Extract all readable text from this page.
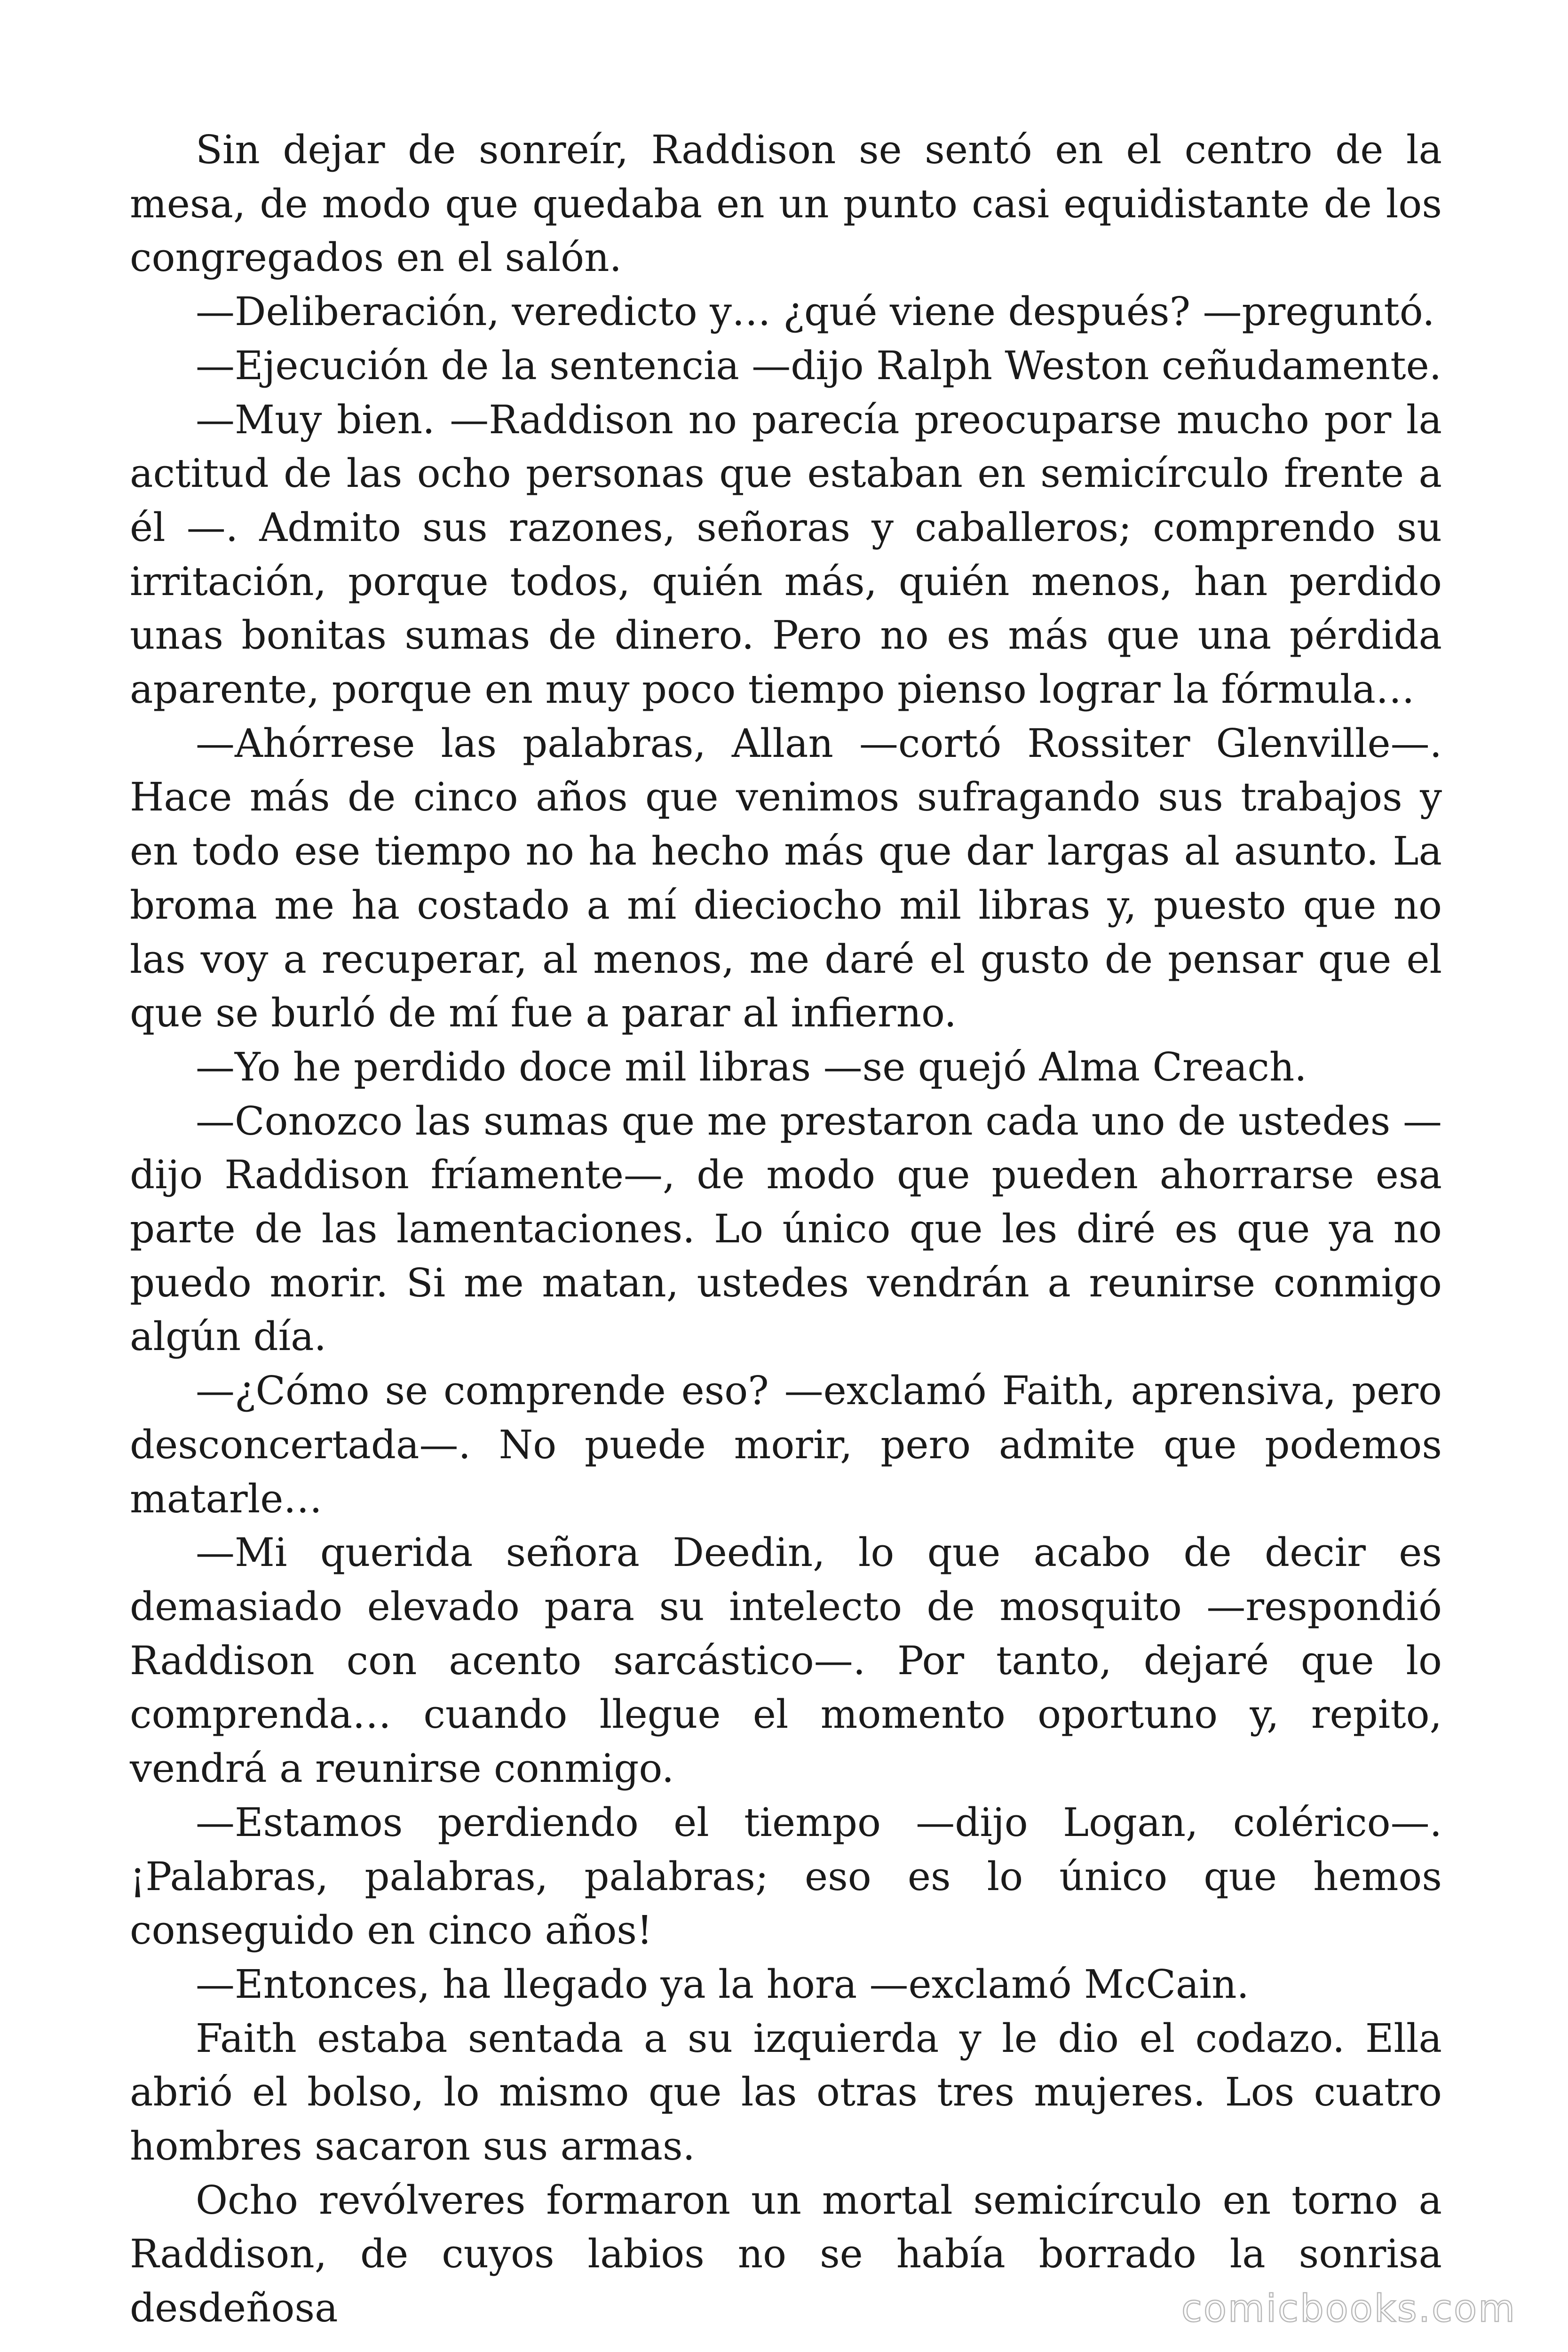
Sin dejar de sonreír, Raddison se sentó en el centro de la mesa, de modo que quedaba en un punto casi equidistante de los congregados en el salón.

—Deliberación, veredicto y… ¿qué viene después? —preguntó.

—Ejecución de la sentencia —dijo Ralph Weston ceñudamente.

—Muy bien. —Raddison no parecía preocuparse mucho por la actitud de las ocho personas que estaban en semicírculo frente a él —. Admito sus razones, señoras y caballeros; comprendo su irritación, porque todos, quién más, quién menos, han perdido unas bonitas sumas de dinero. Pero no es más que una pérdida aparente, porque en muy poco tiempo pienso lograr la fórmula…

—Ahórrese las palabras, Allan —cortó Rossiter Glenville—. Hace más de cinco años que venimos sufragando sus trabajos y en todo ese tiempo no ha hecho más que dar largas al asunto. La broma me ha costado a mí dieciocho mil libras y, puesto que no las voy a recuperar, al menos, me daré el gusto de pensar que el que se burló de mí fue a parar al infierno.

—Yo he perdido doce mil libras —se quejó Alma Creach.

—Conozco las sumas que me prestaron cada uno de ustedes — dijo Raddison fríamente—, de modo que pueden ahorrarse esa parte de las lamentaciones. Lo único que les diré es que ya no puedo morir. Si me matan, ustedes vendrán a reunirse conmigo algún día.

—¿Cómo se comprende eso? —exclamó Faith, aprensiva, pero desconcertada—. No puede morir, pero admite que podemos matarle…

—Mi querida señora Deedin, lo que acabo de decir es demasiado elevado para su intelecto de mosquito —respondió Raddison con acento sarcástico—. Por tanto, dejaré que lo comprenda… cuando llegue el momento oportuno y, repito, vendrá a reunirse conmigo.

—Estamos perdiendo el tiempo —dijo Logan, colérico—. ¡Palabras, palabras, palabras; eso es lo único que hemos conseguido en cinco años!

—Entonces, ha llegado ya la hora —exclamó McCain.

Faith estaba sentada a su izquierda y le dio el codazo. Ella abrió el bolso, lo mismo que las otras tres mujeres. Los cuatro hombres sacaron sus armas.

Ocho revólveres formaron un mortal semicírculo en torno a Raddison, de cuyos labios no se había borrado la sonrisa desdeñosa	comicbooks.com
